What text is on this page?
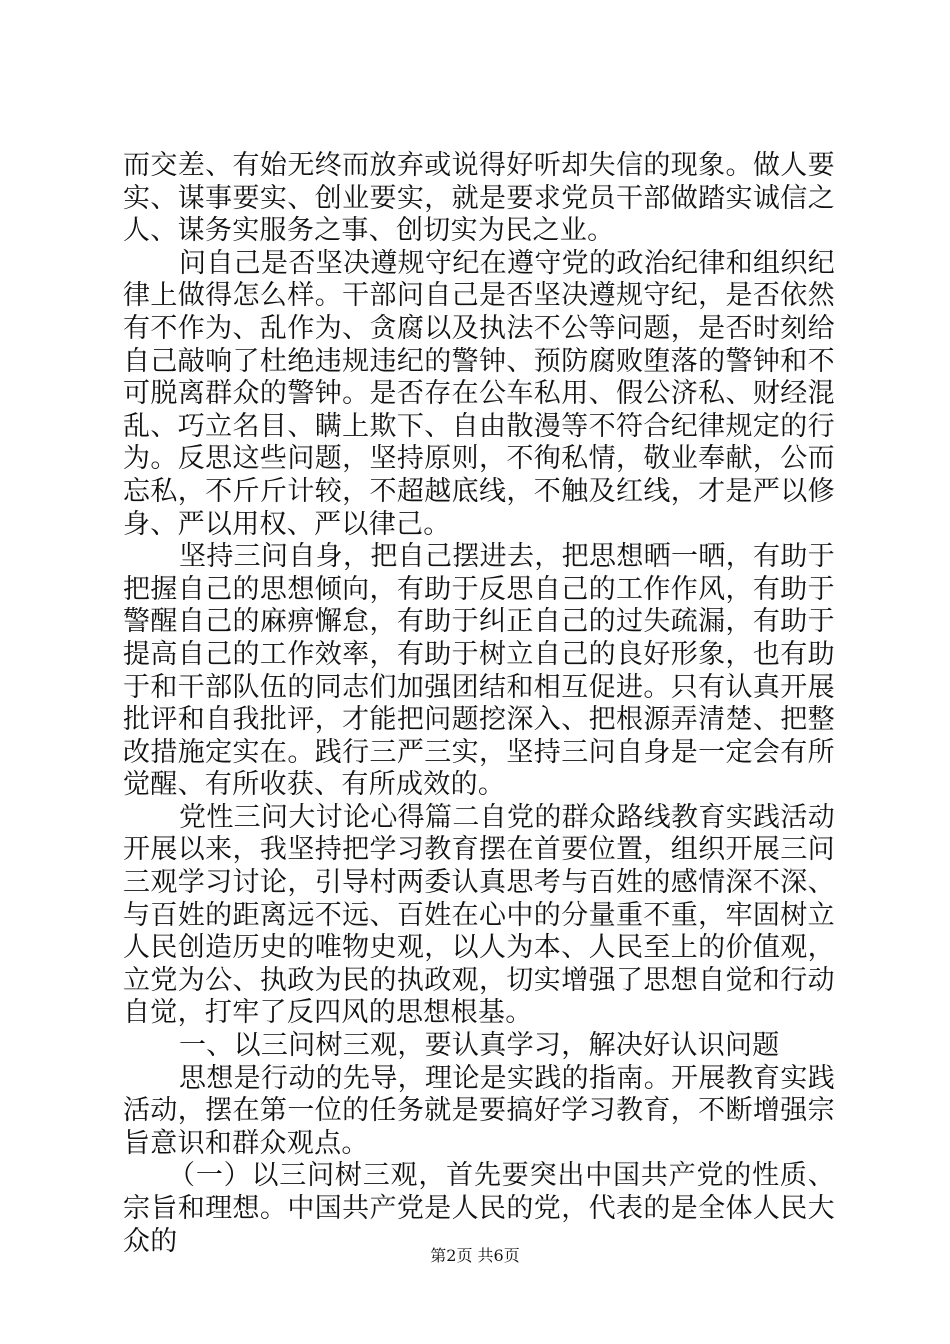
而交差、有始无终而放弃或说得好听却失信的现象。做人要实、谋事要实、创业要实，就是要求党员干部做踏实诚信之人、谋务实服务之事、创切实为民之业。

问自己是否坚决遵规守纪在遵守党的政治纪律和组织纪律上做得怎么样。干部问自己是否坚决遵规守纪，是否依然有不作为、乱作为、贪腐以及执法不公等问题，是否时刻给自己敲响了杜绝违规违纪的警钟、预防腐败堕落的警钟和不可脱离群众的警钟。是否存在公车私用、假公济私、财经混乱、巧立名目、瞒上欺下、自由散漫等不符合纪律规定的行为。反思这些问题，坚持原则，不徇私情，敬业奉献，公而忘私，不斤斤计较，不超越底线，不触及红线，才是严以修身、严以用权、严以律己。

坚持三问自身，把自己摆进去，把思想晒一晒，有助于把握自己的思想倾向，有助于反思自己的工作作风，有助于警醒自己的麻痹懈怠，有助于纠正自己的过失疏漏，有助于提高自己的工作效率，有助于树立自己的良好形象，也有助于和干部队伍的同志们加强团结和相互促进。只有认真开展批评和自我批评，才能把问题挖深入、把根源弄清楚、把整改措施定实在。践行三严三实，坚持三问自身是一定会有所觉醒、有所收获、有所成效的。

党性三问大讨论心得篇二自党的群众路线教育实践活动开展以来，我坚持把学习教育摆在首要位置，组织开展三问三观学习讨论，引导村两委认真思考与百姓的感情深不深、与百姓的距离远不远、百姓在心中的分量重不重，牢固树立人民创造历史的唯物史观，以人为本、人民至上的价值观，立党为公、执政为民的执政观，切实增强了思想自觉和行动自觉，打牢了反四风的思想根基。

一、以三问树三观，要认真学习，解决好认识问题

思想是行动的先导，理论是实践的指南。开展教育实践活动，摆在第一位的任务就是要搞好学习教育，不断增强宗旨意识和群众观点。

（一）以三问树三观，首先要突出中国共产党的性质、宗旨和理想。中国共产党是人民的党，代表的是全体人民大众的	第2页 共6页
